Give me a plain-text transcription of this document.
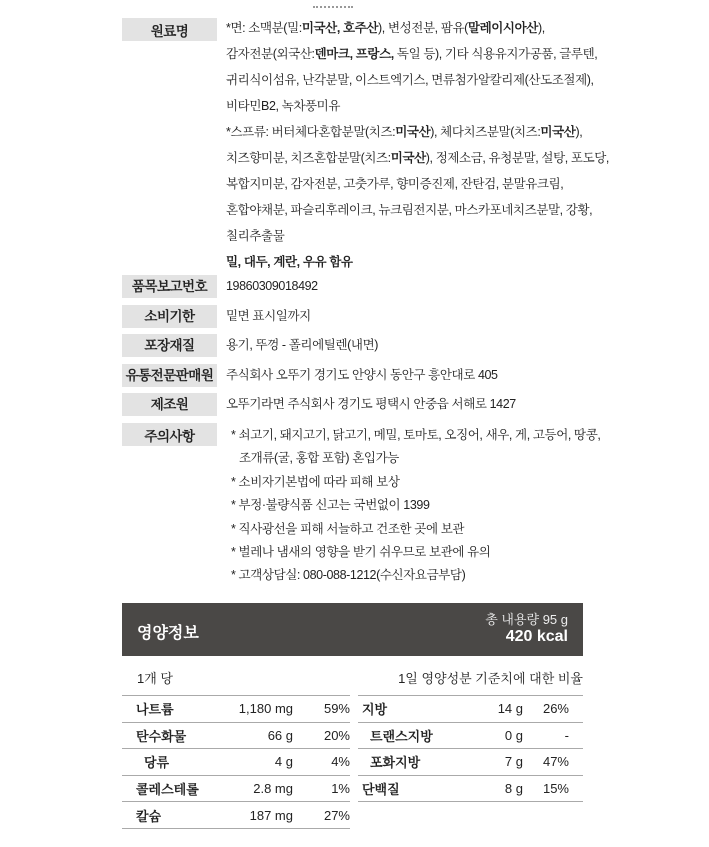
원료명	*면: 소맥분(밀:미국산, 호주산), 변성전분, 팜유(말레이시아산),
감자전분(외국산:덴마크, 프랑스, 독일 등), 기타 식용유지가공품, 글루텐,
귀리식이섬유, 난각분말, 이스트엑기스, 면류첨가알칼리제(산도조절제),
비타민B2, 녹차풍미유
*스프류: 버터체다혼합분말(치즈:미국산), 체다치즈분말(치즈:미국산),
치즈향미분, 치즈혼합분말(치즈:미국산), 정제소금, 유청분말, 설탕, 포도당,
복합지미분, 감자전분, 고춧가루, 향미증진제, 잔탄검, 분말유크림,
혼합야채분, 파슬리후레이크, 뉴크림전지분, 마스카포네치즈분말, 강황,
칠리추출물
밀, 대두, 계란, 우유 함유
품목보고번호	19860309018492
소비기한	밑면 표시일까지
포장재질	용기, 뚜껑 - 폴리에틸렌(내면)
유통전문판매원 주식회사 오뚜기 경기도 안양시 동안구 흥안대로 405
제조원	오뚜기라면 주식회사 경기도 평택시 안중읍 서해로 1427
주의사항	* 쇠고기, 돼지고기, 닭고기, 메밀, 토마토, 오징어, 새우, 게, 고등어, 땅콩,
조개류(굴, 홍합 포함) 혼입가능
* 소비자기본법에 따라 피해 보상
* 부정·불량식품 신고는 국번없이 1399
* 직사광선을 피해 서늘하고 건조한 곳에 보관
* 벌레나 냄새의 영향을 받기 쉬우므로 보관에 유의
* 고객상담실: 080-088-1212(수신자요금부담)
영양정보
총 내용량 95 g
420 kcal
1개 당	1일 영양성분 기준치에 대한 비율
나트륨	1,180 mg	59%
탄수화물	66 g	20%
당류	4 g	4%
콜레스테롤	2.8 mg	1%
칼슘	187 mg	27%
지방	14 g	26%
트랜스지방	0 g	-
포화지방	7 g	47%
단백질	8 g	15%
